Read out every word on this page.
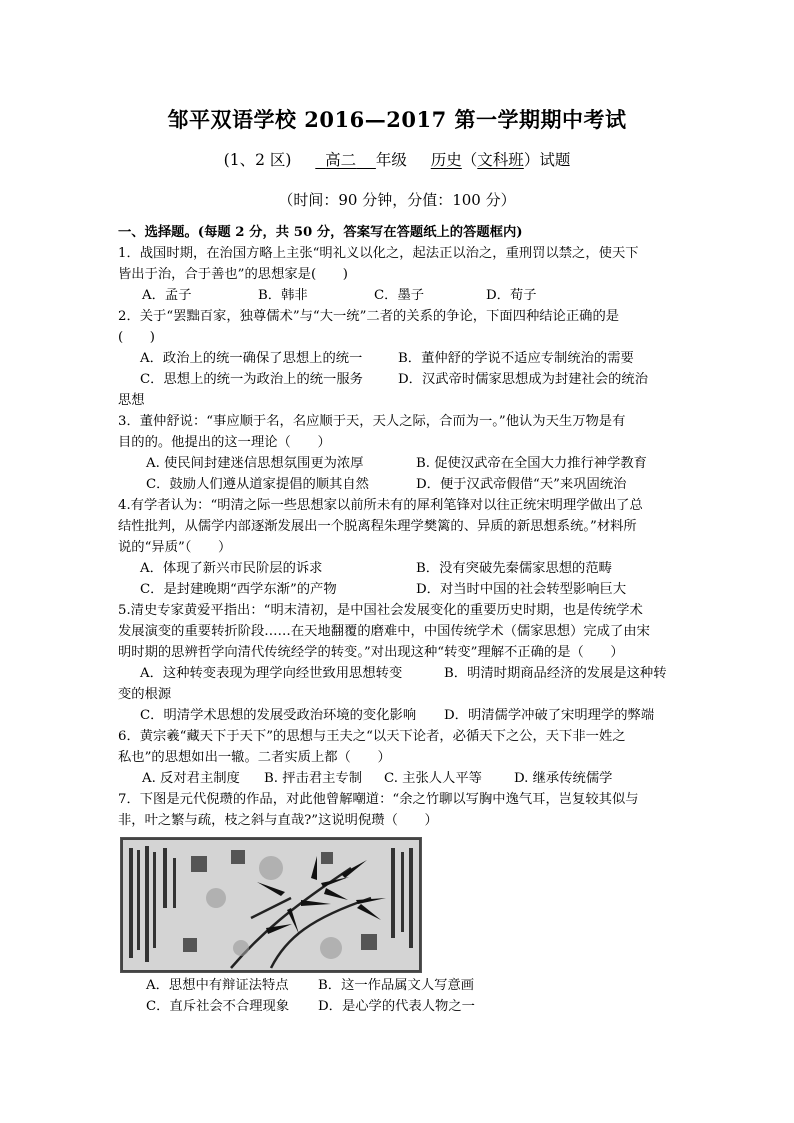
邹平双语学校 2016—2017 第一学期期中考试
(1、2 区) 高二 年级 历史（文科班）试题
（时间：90 分钟，分值：100 分）
一、选择题。(每题 2 分，共 50 分，答案写在答题纸上的答题框内)
1．战国时期，在治国方略上主张“明礼义以化之，起法正以治之，重刑罚以禁之，使天下
皆出于治，合于善也”的思想家是(　　)
A．孟子	B．韩非	C．墨子	D．荀子
2．关于“罢黜百家，独尊儒术”与“大一统”二者的关系的争论，下面四种结论正确的是
(　　)
A．政治上的统一确保了思想上的统一	B．董仲舒的学说不适应专制统治的需要
C．思想上的统一为政治上的统一服务	D．汉武帝时儒家思想成为封建社会的统治
思想
3．董仲舒说：“事应顺于名，名应顺于天，天人之际，合而为一。”他认为天生万物是有
目的的。他提出的这一理论（　　）
A. 使民间封建迷信思想氛围更为浓厚	B. 促使汉武帝在全国大力推行神学教育
C．鼓励人们遵从道家提倡的顺其自然	D．便于汉武帝假借“天”来巩固统治
4.有学者认为：“明清之际一些思想家以前所未有的犀利笔锋对以往正统宋明理学做出了总
结性批判，从儒学内部逐渐发展出一个脱离程朱理学樊篱的、异质的新思想系统。”材料所
说的“异质”（　　）
A．体现了新兴市民阶层的诉求	B．没有突破先秦儒家思想的范畴
C．是封建晚期“西学东渐”的产物	D．对当时中国的社会转型影响巨大
5.清史专家黄爱平指出：“明末清初，是中国社会发展变化的重要历史时期，也是传统学术
发展演变的重要转折阶段……在天地翻覆的磨难中，中国传统学术（儒家思想）完成了由宋
明时期的思辨哲学向清代传统经学的转变。”对出现这种“转变”理解不正确的是（　　）
A．这种转变表现为理学向经世致用思想转变	B．明清时期商品经济的发展是这种转
变的根源
C．明清学术思想的发展受政治环境的变化影响	D．明清儒学冲破了宋明理学的弊端
6．黄宗羲“藏天下于天下”的思想与王夫之“以天下论者，必循天下之公，天下非一姓之
私也”的思想如出一辙。二者实质上都（　　）
A. 反对君主制度	B. 抨击君主专制	C. 主张人人平等	D. 继承传统儒学
7．下图是元代倪瓒的作品，对此他曾解嘲道：“余之竹聊以写胸中逸气耳，岂复较其似与
非，叶之繁与疏，枝之斜与直哉?”这说明倪瓒（　　）
A．思想中有辩证法特点	B．这一作品属文人写意画
C．直斥社会不合理现象	D．是心学的代表人物之一
